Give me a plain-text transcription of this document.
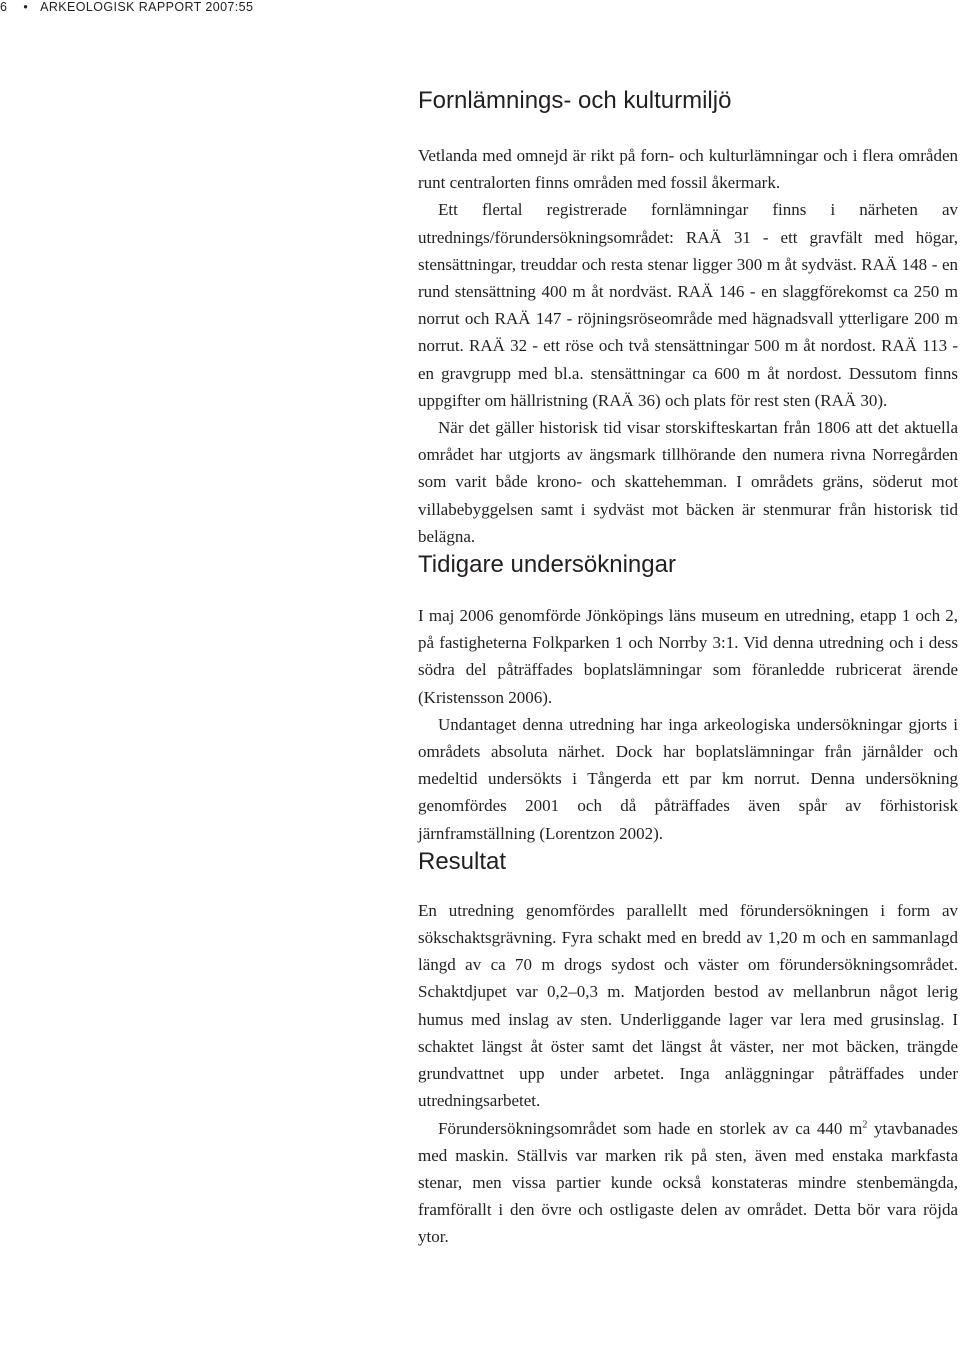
6 • ARKEOLOGISK RAPPORT 2007:55
Fornlämnings- och kulturmiljö

Vetlanda med omnejd är rikt på forn- och kulturlämningar och i flera områden runt centralorten finns områden med fossil åkermark.

Ett flertal registrerade fornlämningar finns i närheten av utrednings/förundersökningsområdet: RAÄ 31 - ett gravfält med högar, stensättningar, treuddar och resta stenar ligger 300 m åt sydväst. RAÄ 148 - en rund stensättning 400 m åt nordväst. RAÄ 146 - en slaggförekomst ca 250 m norrut och RAÄ 147 - röjningsröseområde med hägnadsvall ytterligare 200 m norrut. RAÄ 32 - ett röse och två stensättningar 500 m åt nordost. RAÄ 113 - en gravgrupp med bl.a. stensättningar ca 600 m åt nordost. Dessutom finns uppgifter om hällristning (RAÄ 36) och plats för rest sten (RAÄ 30).

När det gäller historisk tid visar storskifteskartan från 1806 att det aktuella området har utgjorts av ängsmark tillhörande den numera rivna Norregården som varit både krono- och skattehemman. I områdets gräns, söderut mot villabebyggelsen samt i sydväst mot bäcken är stenmurar från historisk tid belägna.

Tidigare undersökningar

I maj 2006 genomförde Jönköpings läns museum en utredning, etapp 1 och 2, på fastigheterna Folkparken 1 och Norrby 3:1. Vid denna utredning och i dess södra del påträffades boplatslämningar som föranledde rubricerat ärende (Kristensson 2006).

Undantaget denna utredning har inga arkeologiska undersökningar gjorts i områdets absoluta närhet. Dock har boplatslämningar från järnålder och medeltid undersökts i Tångerda ett par km norrut. Denna undersökning genomfördes 2001 och då påträffades även spår av förhistorisk järnframställning (Lorentzon 2002).

Resultat

En utredning genomfördes parallellt med förundersökningen i form av sökschaktsgrävning. Fyra schakt med en bredd av 1,20 m och en sammanlagd längd av ca 70 m drogs sydost och väster om förundersökningsområdet. Schaktdjupet var 0,2–0,3 m. Matjorden bestod av mellanbrun något lerig humus med inslag av sten. Underliggande lager var lera med grusinslag. I schaktet längst åt öster samt det längst åt väster, ner mot bäcken, trängde grundvattnet upp under arbetet. Inga anläggningar påträffades under utredningsarbetet.

Förundersökningsområdet som hade en storlek av ca 440 $m^2$ ytavbanades med maskin. Ställvis var marken rik på sten, även med enstaka markfasta stenar, men vissa partier kunde också konstateras mindre stenbemängda, framförallt i den övre och ostligaste delen av området. Detta bör vara röjda ytor.
